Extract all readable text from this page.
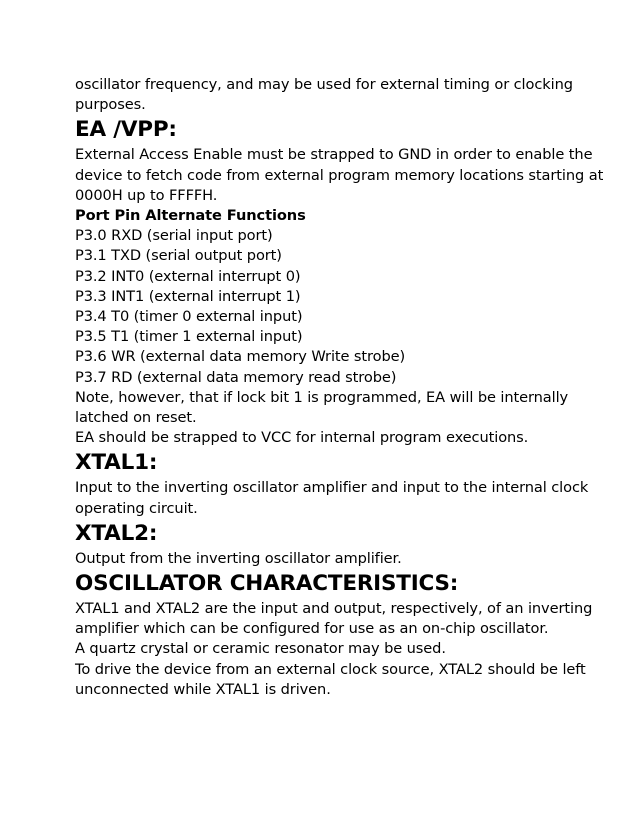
oscillator frequency, and may be used for external timing or clocking purposes.

EA /VPP:

External Access Enable must be strapped to GND in order to enable the device to fetch code from external program memory locations starting at 0000H up to FFFFH.

Port Pin Alternate Functions

P3.0 RXD (serial input port)

P3.1 TXD (serial output port)

P3.2 INT0 (external interrupt 0)

P3.3 INT1 (external interrupt 1)

P3.4 T0 (timer 0 external input)

P3.5 T1 (timer 1 external input)

P3.6 WR (external data memory Write strobe)

P3.7 RD (external data memory read strobe)

Note, however, that if lock bit 1 is programmed, EA will be internally latched on reset.

EA should be strapped to VCC for internal program executions.

XTAL1:

Input to the inverting oscillator amplifier and input to the internal clock operating circuit.

XTAL2:

Output from the inverting oscillator amplifier.

OSCILLATOR CHARACTERISTICS:

XTAL1 and XTAL2 are the input and output, respectively, of an inverting amplifier which can be configured for use as an on-chip oscillator.

A quartz crystal or ceramic resonator may be used.

To drive the device from an external clock source, XTAL2 should be left unconnected while XTAL1 is driven.
